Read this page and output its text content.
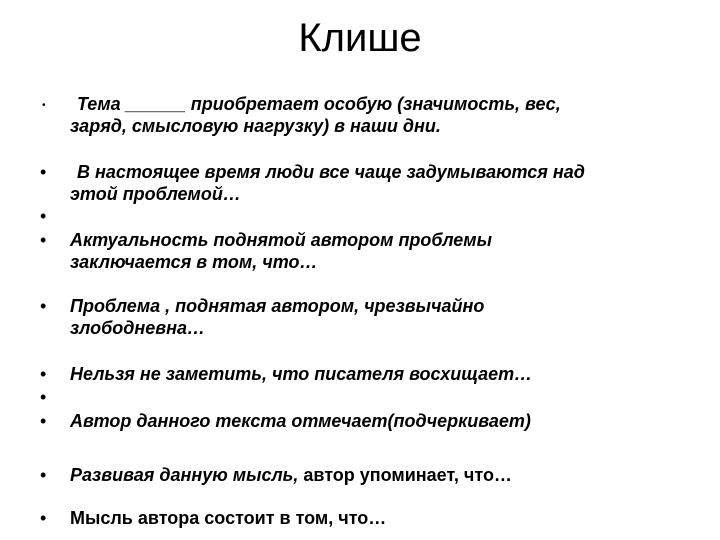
Клише
•	Тема ______ приобретает особую (значимость, вес,
заряд, смысловую нагрузку) в наши дни.
•	В настоящее время люди все чаще задумываются над
этой проблемой…
•
• Актуальность поднятой автором проблемы
заключается в том, что…
• Проблема , поднятая автором, чрезвычайно
злободневна…
• Нельзя не заметить, что писателя восхищает…
•
• Автор данного текста отмечает(подчеркивает)
• Развивая данную мысль, автор упоминает, что…
• Мысль автора состоит в том, что…
